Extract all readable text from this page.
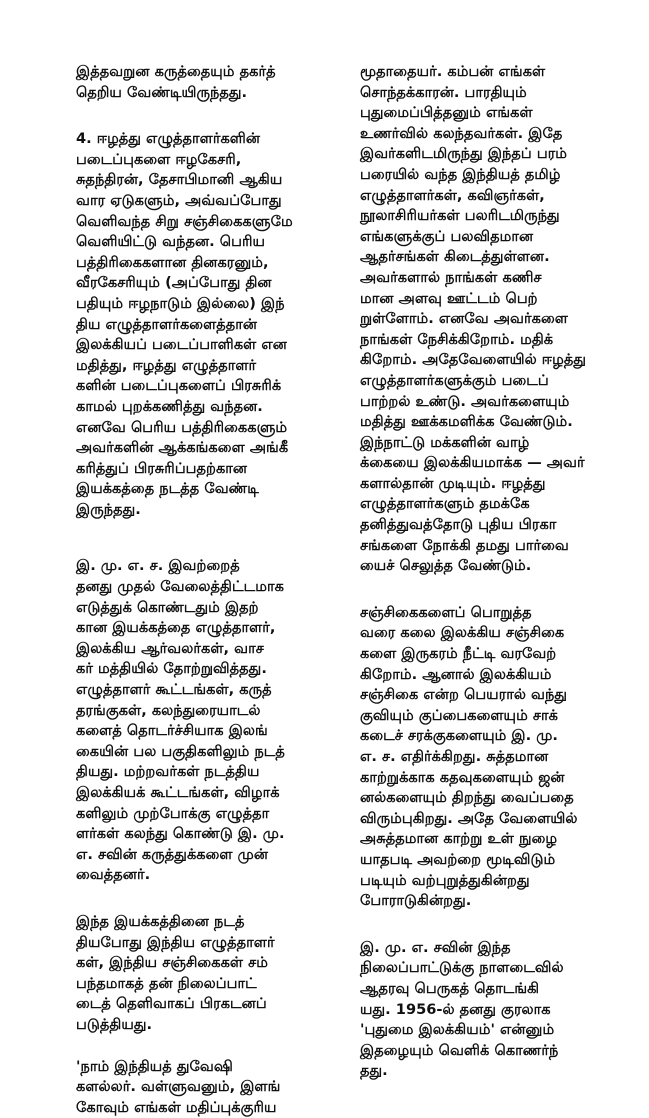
இத்தவறுன கருத்தையும் தகர்த்
தெறிய வேண்டியிருந்தது.

4. ஈழத்து எழுத்தாளர்களின்
படைப்புகளை ஈழகேசரி,
சுதந்திரன், தேசாபிமானி ஆகிய
வார ஏடுகளும், அவ்வப்போது
வெளிவந்த சிறு சஞ்சிகைகளுமே
வெளியிட்டு வந்தன. பெரிய
பத்திரிகைகளான தினகரனும்,
வீரகேசரியும் (அப்போது தின
பதியும் ஈழநாடும் இல்லை) இந்
திய எழுத்தாளர்களைத்தான்
இலக்கியப் படைப்பாளிகள் என
மதித்து, ஈழத்து எழுத்தாளர்
களின் படைப்புகளைப் பிரசுரிக்
காமல் புறக்கணித்து வந்தன.
எனவே பெரிய பத்திரிகைகளும்
அவர்களின் ஆக்கங்களை அங்கீ
கரித்துப் பிரசுரிப்பதற்கான
இயக்கத்தை நடத்த வேண்டி
இருந்தது.

இ. மு. எ. ச. இவற்றைத்
தனது முதல் வேலைத்திட்டமாக
எடுத்துக் கொண்டதும் இதற்
கான இயக்கத்தை எழுத்தாளர்,
இலக்கிய ஆர்வலர்கள், வாச
கர் மத்தியில் தோற்றுவித்தது.
எழுத்தாளர் கூட்டங்கள், கருத்
தரங்குகள், கலந்துரையாடல்
களைத் தொடர்ச்சியாக இலங்
கையின் பல பகுதிகளிலும் நடத்
தியது. மற்றவர்கள் நடத்திய
இலக்கியக் கூட்டங்கள், விழாக்
களிலும் முற்போக்கு எழுத்தா
ளர்கள் கலந்து கொண்டு இ. மு.
எ. சவின் கருத்துக்களை முன்
வைத்தனர்.

இந்த இயக்கத்தினை நடத்
தியபோது இந்திய எழுத்தாளர்
கள், இந்திய சஞ்சிகைகள் சம்
பந்தமாகத் தன் நிலைப்பாட்
டைத் தெளிவாகப் பிரகடனப்
படுத்தியது.

'நாம் இந்தியத் துவேஷி
களல்லர். வள்ளுவனும், இளங்
கோவும் எங்கள் மதிப்புக்குரிய

மூதாதையர். கம்பன் எங்கள்
சொந்தக்காரன். பாரதியும்
புதுமைப்பித்தனும் எங்கள்
உணர்வில் கலந்தவர்கள். இதே
இவர்களிடமிருந்து இந்தப் பரம்
பரையில் வந்த இந்தியத் தமிழ்
எழுத்தாளர்கள், கவிஞர்கள்,
நூலாசிரியர்கள் பலரிடமிருந்து
எங்களுக்குப் பலவிதமான
ஆதர்சங்கள் கிடைத்துள்ளன.
அவர்களால் நாங்கள் கணிச
மான அளவு ஊட்டம் பெற்
றுள்ளோம். எனவே அவர்களை
நாங்கள் நேசிக்கிறோம். மதிக்
கிறோம். அதேவேளையில் ஈழத்து
எழுத்தாளர்களுக்கும் படைப்
பாற்றல் உண்டு. அவர்களையும்
மதித்து ஊக்கமளிக்க வேண்டும்.
இந்நாட்டு மக்களின் வாழ்
க்கையை இலக்கியமாக்க — அவர்
களால்தான் முடியும். ஈழத்து
எழுத்தாளர்களும் தமக்கே
தனித்துவத்தோடு புதிய பிரகா
சங்களை நோக்கி தமது பார்வை
யைச் செலுத்த வேண்டும்.

சஞ்சிகைகளைப் பொறுத்த
வரை கலை இலக்கிய சஞ்சிகை
களை இருகரம் நீட்டி வரவேற்
கிறோம். ஆனால் இலக்கியம்
சஞ்சிகை என்ற பெயரால் வந்து
குவியும் குப்பைகளையும் சாக்
கடைச் சரக்குகளையும் இ. மு.
எ. ச. எதிர்க்கிறது. சுத்தமான
காற்றுக்காக கதவுகளையும் ஜன்
னல்களையும் திறந்து வைப்பதை
விரும்புகிறது. அதே வேளையில்
அசுத்தமான காற்று உள் நுழை
யாதபடி அவற்றை மூடிவிடும்
படியும் வற்புறுத்துகின்றது
போராடுகின்றது.

இ. மு. எ. சவின் இந்த
நிலைப்பாட்டுக்கு நாளடைவில்
ஆதரவு பெருகத் தொடங்கி
யது. 1956-ல் தனது குரலாக
'புதுமை இலக்கியம்' என்னும்
இதழையும் வெளிக் கொணர்ந்
தது.
